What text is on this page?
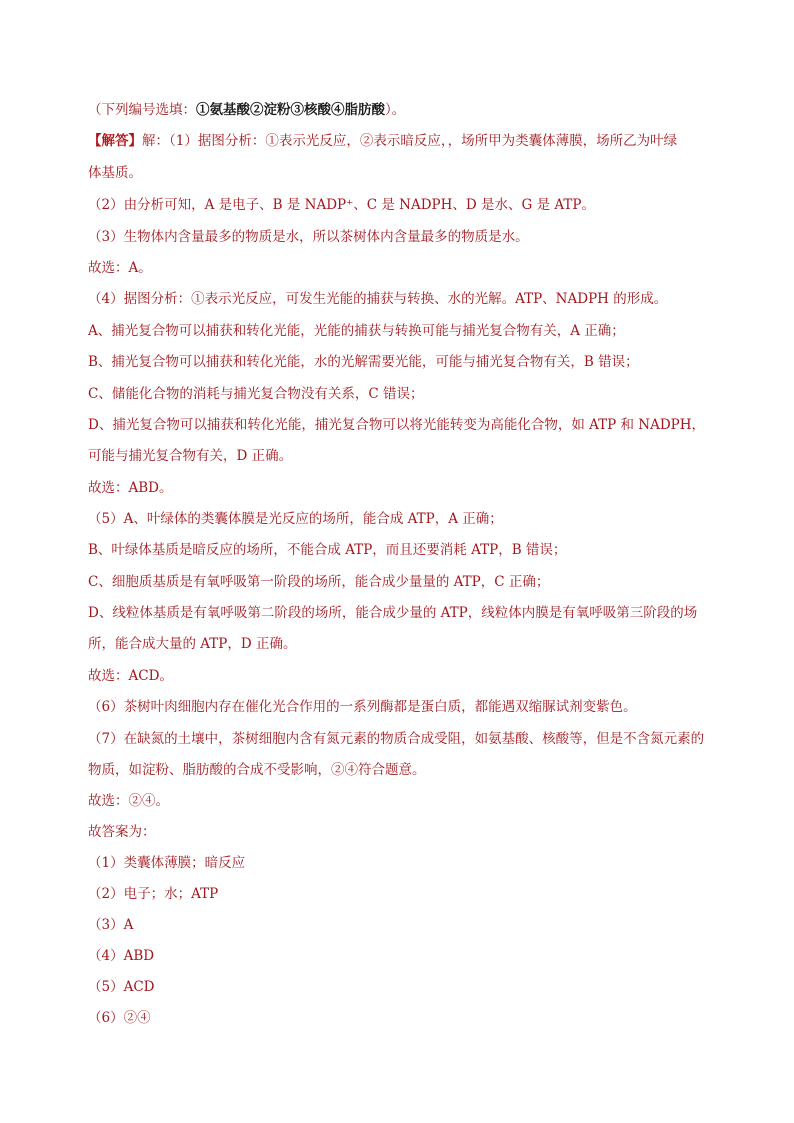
（下列编号选填：①氨基酸②淀粉③核酸④脂肪酸）。
【解答】解：（1）据图分析：①表示光反应，②表示暗反应，，场所甲为类囊体薄膜，场所乙为叶绿
体基质。
（2）由分析可知，A 是电子、B 是 NADP⁺、C 是 NADPH、D 是水、G 是 ATP。
（3）生物体内含量最多的物质是水，所以茶树体内含量最多的物质是水。
故选：A。
（4）据图分析：①表示光反应，可发生光能的捕获与转换、水的光解。ATP、NADPH 的形成。
A、捕光复合物可以捕获和转化光能，光能的捕获与转换可能与捕光复合物有关，A 正确；
B、捕光复合物可以捕获和转化光能，水的光解需要光能，可能与捕光复合物有关，B 错误；
C、储能化合物的消耗与捕光复合物没有关系，C 错误；
D、捕光复合物可以捕获和转化光能，捕光复合物可以将光能转变为高能化合物，如 ATP 和 NADPH，
可能与捕光复合物有关，D 正确。
故选：ABD。
（5）A、叶绿体的类囊体膜是光反应的场所，能合成 ATP，A 正确；
B、叶绿体基质是暗反应的场所，不能合成 ATP，而且还要消耗 ATP，B 错误；
C、细胞质基质是有氧呼吸第一阶段的场所，能合成少量量的 ATP，C 正确；
D、线粒体基质是有氧呼吸第二阶段的场所，能合成少量的 ATP，线粒体内膜是有氧呼吸第三阶段的场
所，能合成大量的 ATP，D 正确。
故选：ACD。
（6）茶树叶肉细胞内存在催化光合作用的一系列酶都是蛋白质，都能遇双缩脲试剂变紫色。
（7）在缺氮的土壤中，茶树细胞内含有氮元素的物质合成受阻，如氨基酸、核酸等，但是不含氮元素的
物质，如淀粉、脂肪酸的合成不受影响，②④符合题意。
故选：②④。
故答案为：
（1）类囊体薄膜；暗反应
（2）电子；水；ATP
（3）A
（4）ABD
（5）ACD
（6）②④
